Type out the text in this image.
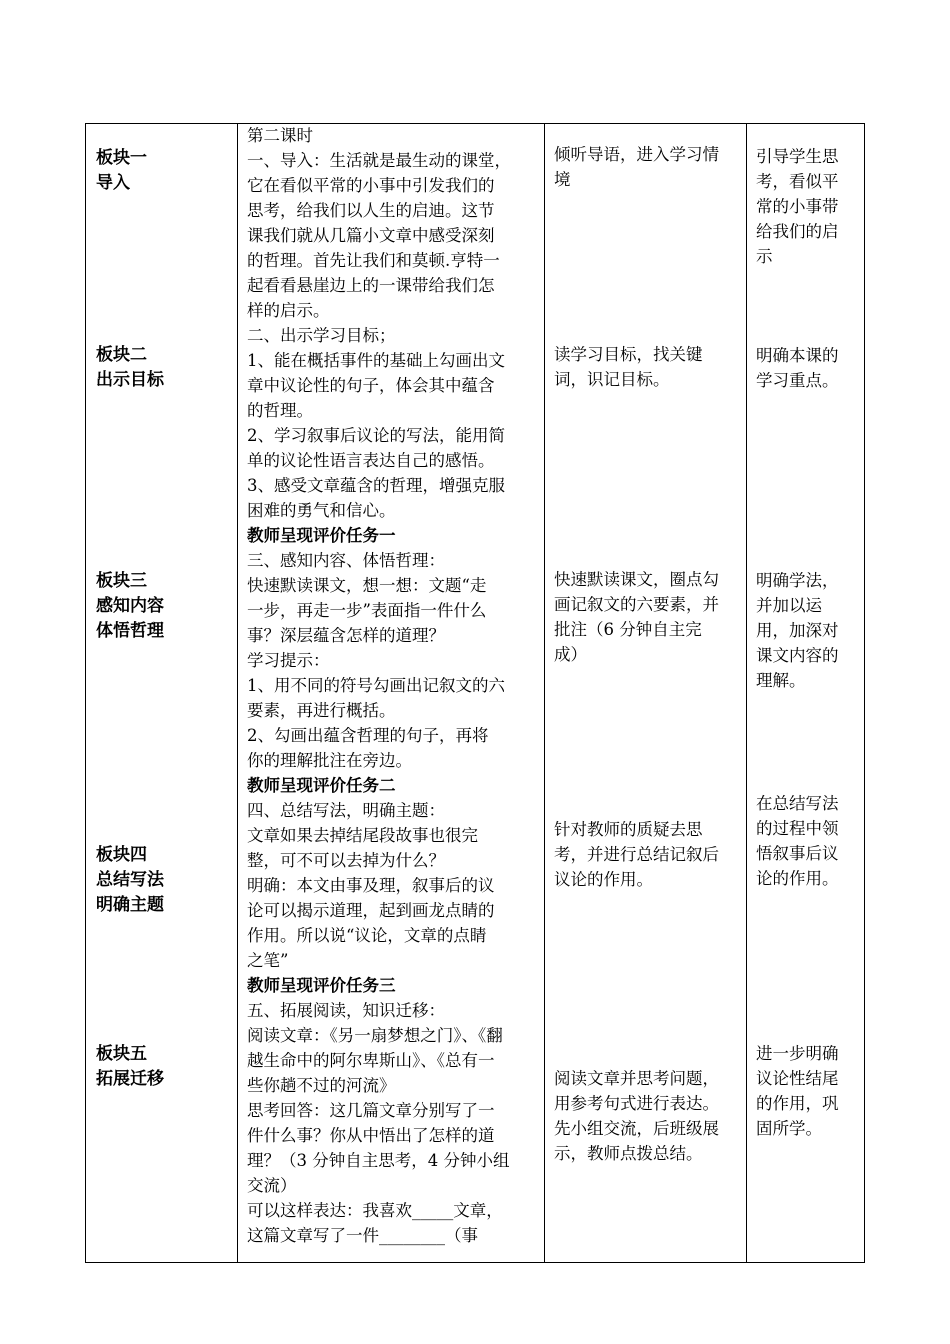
板块一
导入
板块二
出示目标
板块三
感知内容
体悟哲理
板块四
总结写法
明确主题
板块五
拓展迁移
第二课时
一、导入：生活就是最生动的课堂，
它在看似平常的小事中引发我们的
思考，给我们以人生的启迪。这节
课我们就从几篇小文章中感受深刻
的哲理。首先让我们和莫顿.亨特一
起看看悬崖边上的一课带给我们怎
样的启示。
二、出示学习目标；
1、能在概括事件的基础上勾画出文
章中议论性的句子，体会其中蕴含
的哲理。
2、学习叙事后议论的写法，能用简
单的议论性语言表达自己的感悟。
3、感受文章蕴含的哲理，增强克服
困难的勇气和信心。
教师呈现评价任务一
三、感知内容、体悟哲理：
快速默读课文，想一想：文题“走
一步，再走一步”表面指一件什么
事？深层蕴含怎样的道理？
学习提示：
1、用不同的符号勾画出记叙文的六
要素，再进行概括。
2、勾画出蕴含哲理的句子，再将
你的理解批注在旁边。
教师呈现评价任务二
四、总结写法，明确主题：
文章如果去掉结尾段故事也很完
整，可不可以去掉为什么？
明确：本文由事及理，叙事后的议
论可以揭示道理，起到画龙点睛的
作用。所以说“议论，文章的点睛
之笔”
教师呈现评价任务三
五、拓展阅读，知识迁移：
阅读文章：《另一扇梦想之门》、《翻
越生命中的阿尔卑斯山》、《总有一
些你趟不过的河流》
思考回答：这几篇文章分别写了一
件什么事？你从中悟出了怎样的道
理？（3 分钟自主思考，4 分钟小组
交流）
可以这样表达：我喜欢_____文章，
这篇文章写了一件________（事
倾听导语，进入学习情
境
读学习目标，找关键
词，识记目标。
快速默读课文，圈点勾
画记叙文的六要素，并
批注（6 分钟自主完
成）
针对教师的质疑去思
考，并进行总结记叙后
议论的作用。
阅读文章并思考问题，
用参考句式进行表达。
先小组交流，后班级展
示，教师点拨总结。
引导学生思
考，看似平
常的小事带
给我们的启
示
明确本课的
学习重点。
明确学法，
并加以运
用，加深对
课文内容的
理解。
在总结写法
的过程中领
悟叙事后议
论的作用。
进一步明确
议论性结尾
的作用，巩
固所学。
